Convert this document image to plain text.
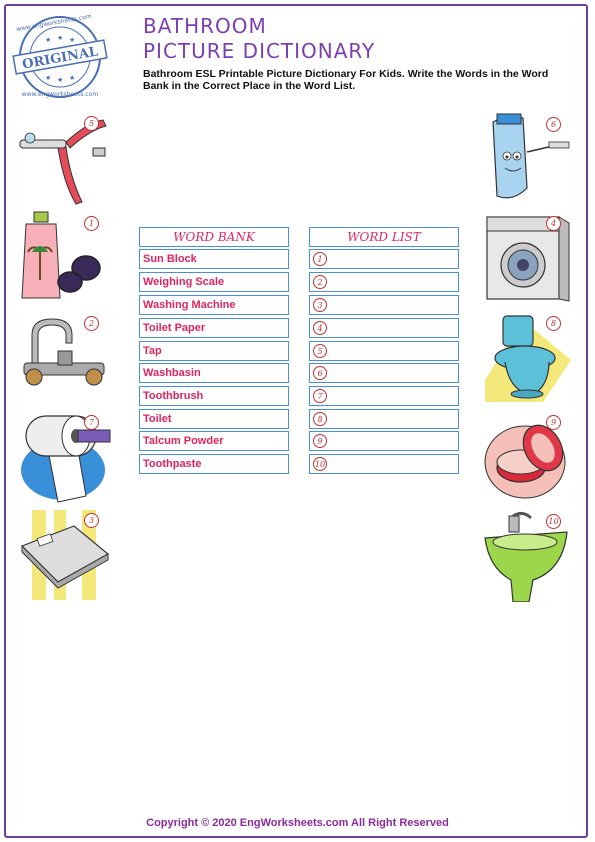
www.engworksheets.com
www.engworksheets.com
ORIGINAL
★ ★ ★
★ ★ ★
BATHROOM
PICTURE DICTIONARY
Bathroom ESL Printable Picture Dictionary For Kids. Write the Words in the Word Bank in the Correct Place in the Word List.
5
1
2
7
3
6
4
8
9
10
WORD BANK
Sun Block
Weighing Scale
Washing Machine
Toilet Paper
Tap
Washbasin
Toothbrush
Toilet
Talcum Powder
Toothpaste
WORD LIST
1
2
3
4
5
6
7
8
9
10
Copyright © 2020 EngWorksheets.com All Right Reserved
